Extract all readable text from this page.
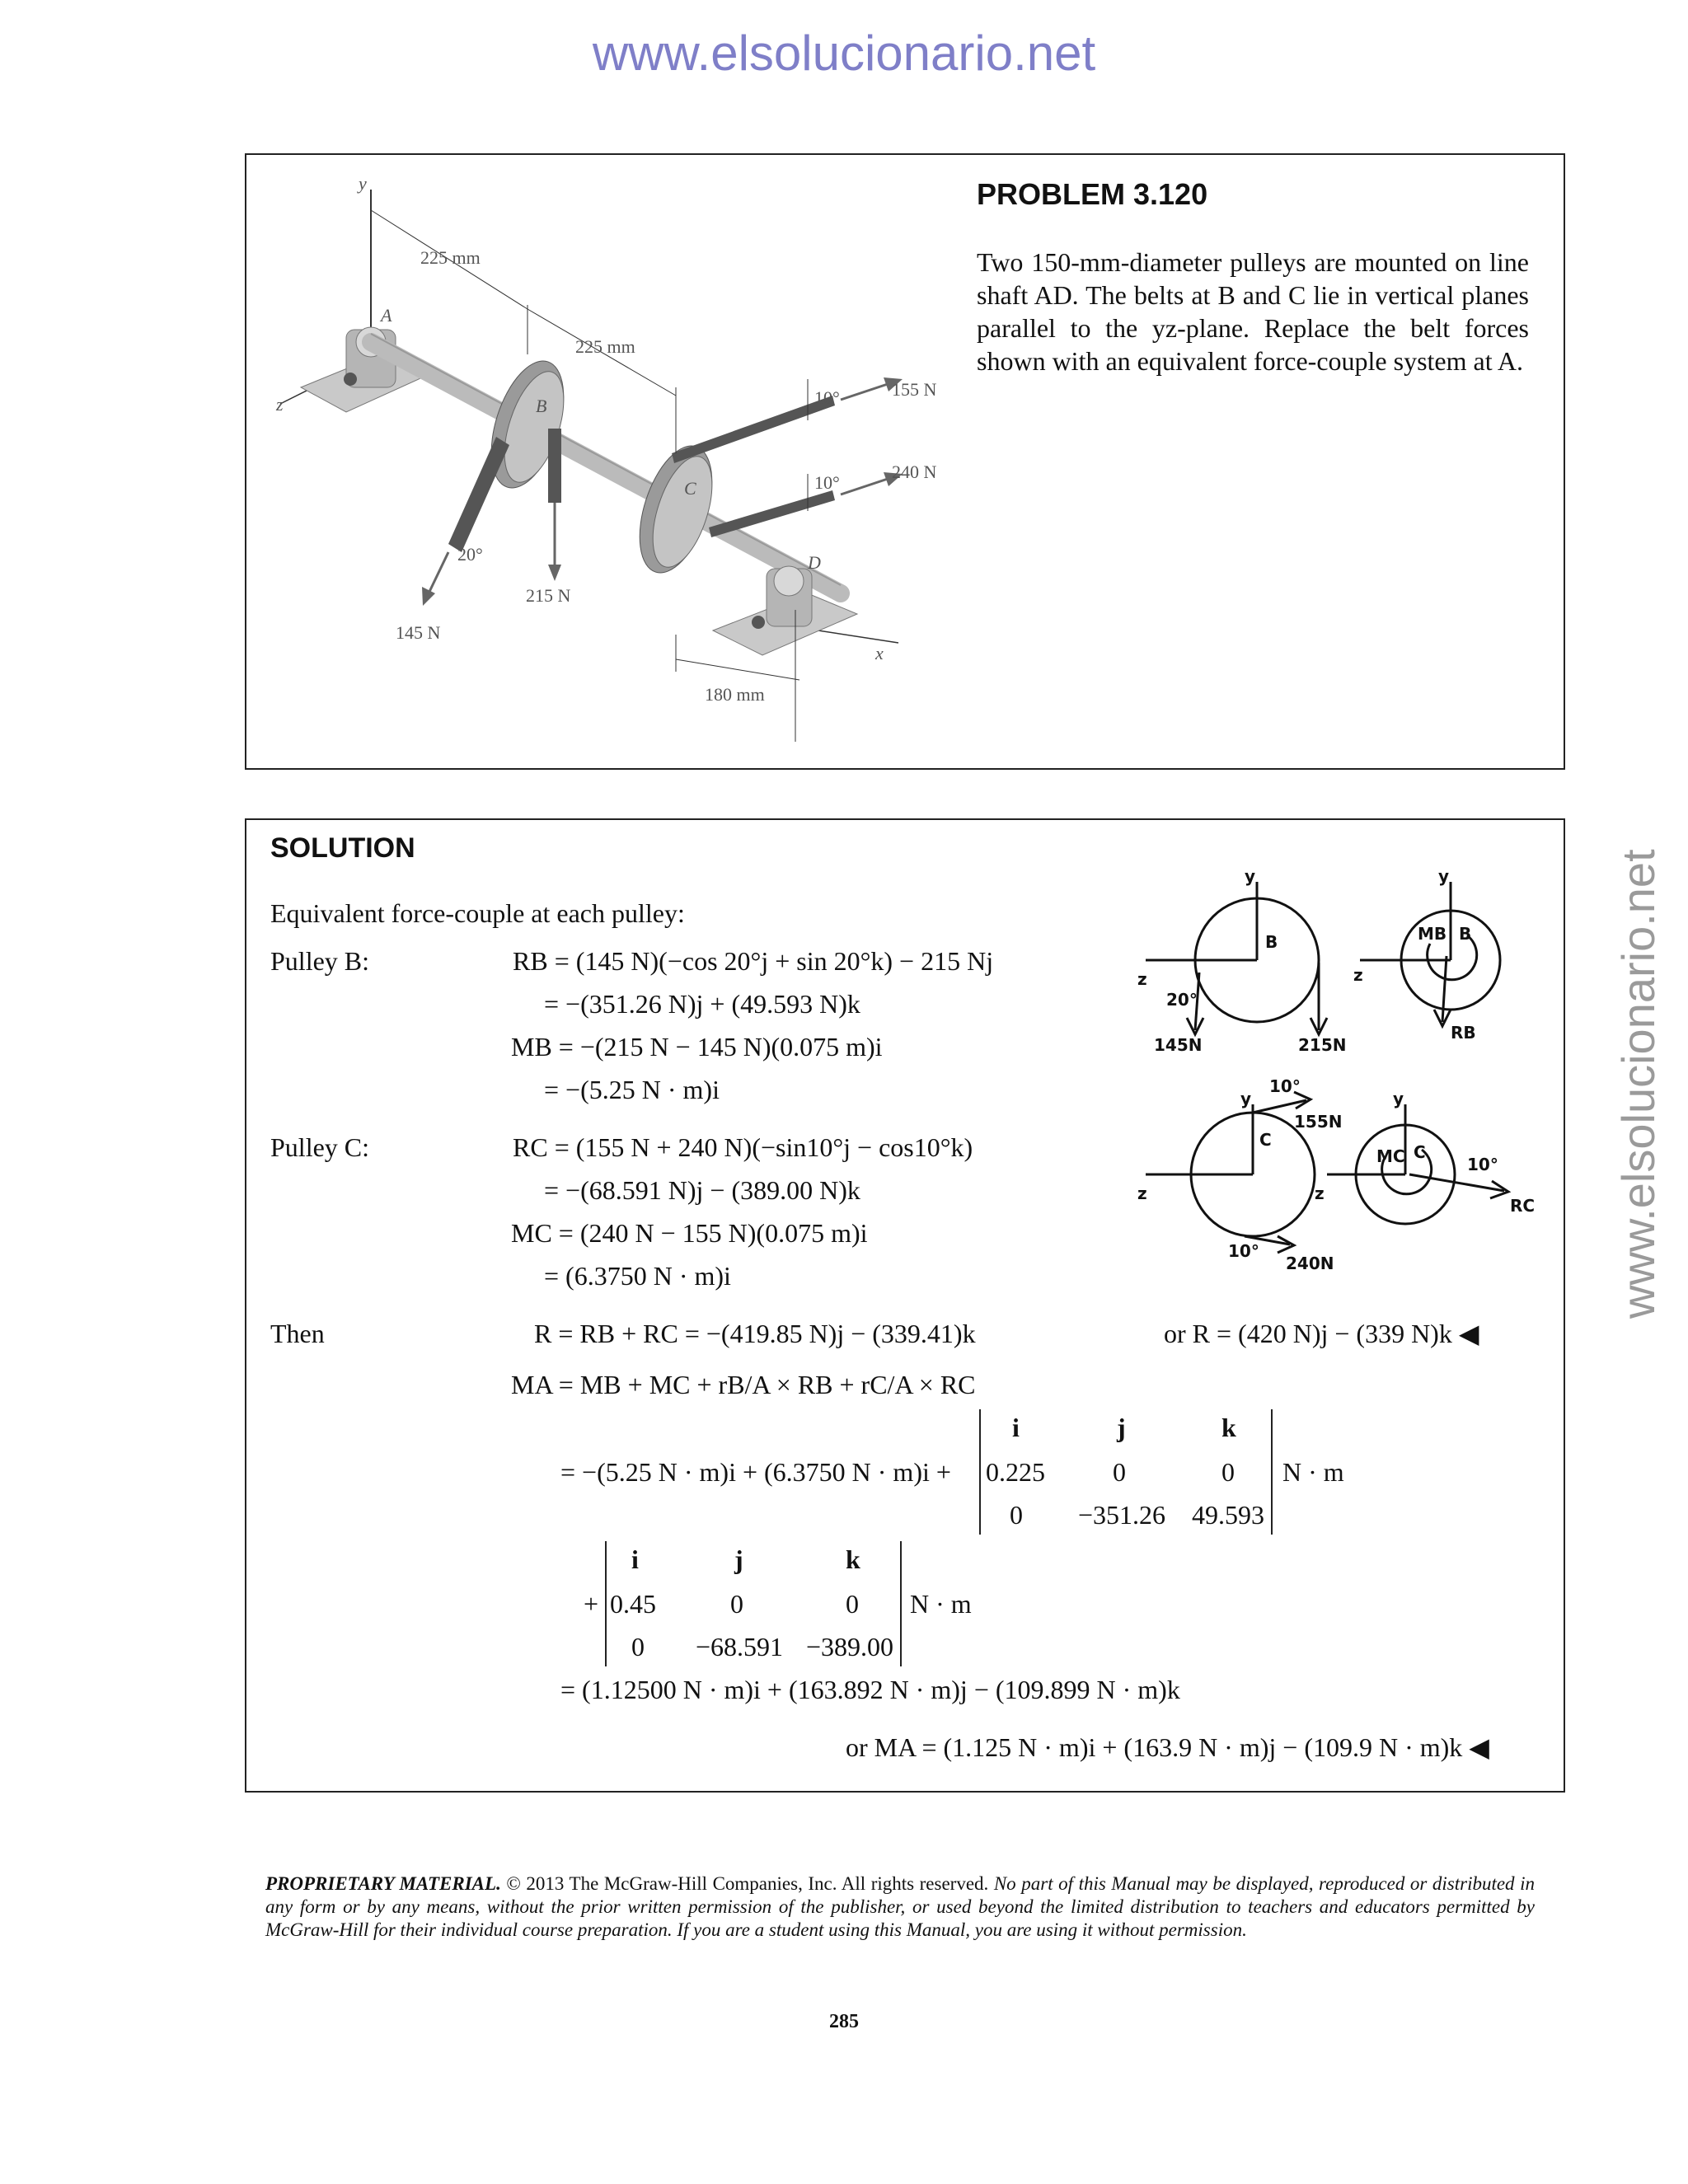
www.elsolucionario.net
www.elsolucionario.net
PROBLEM 3.120
Two 150-mm-diameter pulleys are mounted on line shaft AD. The belts at B and C lie in vertical planes parallel to the yz-plane. Replace the belt forces shown with an equivalent force-couple system at A.
y
z
x
A
B
C
D
225 mm
225 mm
180 mm
155 N
240 N
215 N
145 N
10°
10°
20°
SOLUTION
Equivalent force-couple at each pulley:
Pulley B:	RB = (145 N)(−cos 20°j + sin 20°k) − 215 Nj
= −(351.26 N)j + (49.593 N)k
MB = −(215 N − 145 N)(0.075 m)i
= −(5.25 N · m)i
Pulley C:	RC = (155 N + 240 N)(−sin10°j − cos10°k)
= −(68.591 N)j − (389.00 N)k
MC = (240 N − 155 N)(0.075 m)i
= (6.3750 N · m)i
Then	R = RB + RC = −(419.85 N)j − (339.41)k	or R = (420 N)j − (339 N)k ◀
MA = MB + MC + rB/A × RB + rC/A × RC
= −(5.25 N · m)i + (6.3750 N · m)i +
i	j	k
0.225	0	0
0 −351.26 49.593
N · m
+
i	j	k
0.45	0	0
0 −68.591 −389.00
N · m
= (1.12500 N · m)i + (163.892 N · m)j − (109.899 N · m)k
or MA = (1.125 N · m)i + (163.9 N · m)j − (109.9 N · m)k ◀
y
z
B
20°
145N	215N
y
z
MB B
RB
y
z
C
10°
155N
10°
240N
y
z
MC C
10°
RC
PROPRIETARY MATERIAL. © 2013 The McGraw-Hill Companies, Inc. All rights reserved. No part of this Manual may be displayed, reproduced or distributed in any form or by any means, without the prior written permission of the publisher, or used beyond the limited distribution to teachers and educators permitted by McGraw-Hill for their individual course preparation. If you are a student using this Manual, you are using it without permission.
285
